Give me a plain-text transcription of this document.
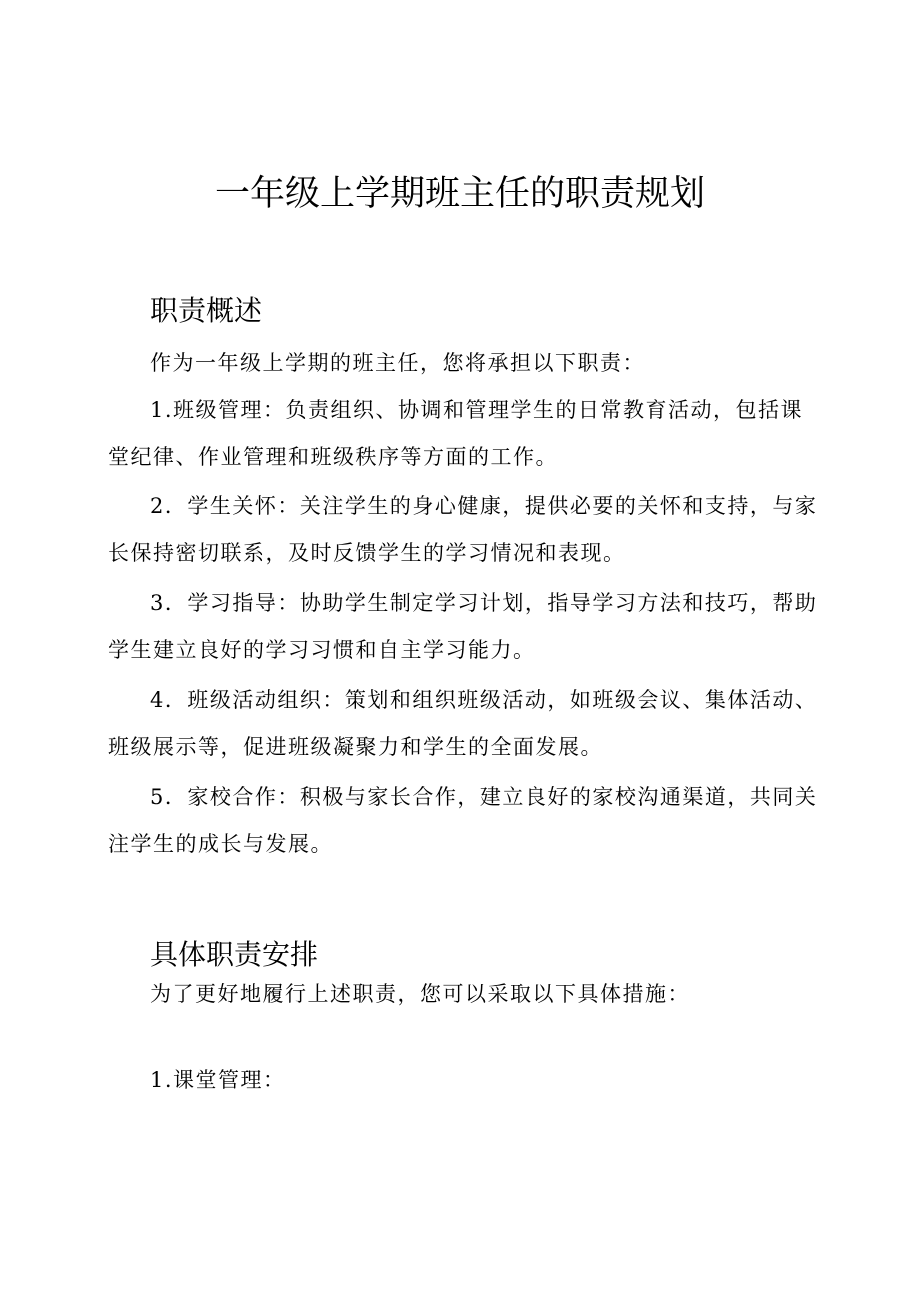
一年级上学期班主任的职责规划
职责概述

作为一年级上学期的班主任，您将承担以下职责：

1.班级管理：负责组织、协调和管理学生的日常教育活动，包括课堂纪律、作业管理和班级秩序等方面的工作。

2．学生关怀：关注学生的身心健康，提供必要的关怀和支持，与家长保持密切联系，及时反馈学生的学习情况和表现。

3．学习指导：协助学生制定学习计划，指导学习方法和技巧，帮助学生建立良好的学习习惯和自主学习能力。

4．班级活动组织：策划和组织班级活动，如班级会议、集体活动、班级展示等，促进班级凝聚力和学生的全面发展。

5．家校合作：积极与家长合作，建立良好的家校沟通渠道，共同关注学生的成长与发展。

具体职责安排

为了更好地履行上述职责，您可以采取以下具体措施：

1.课堂管理：
